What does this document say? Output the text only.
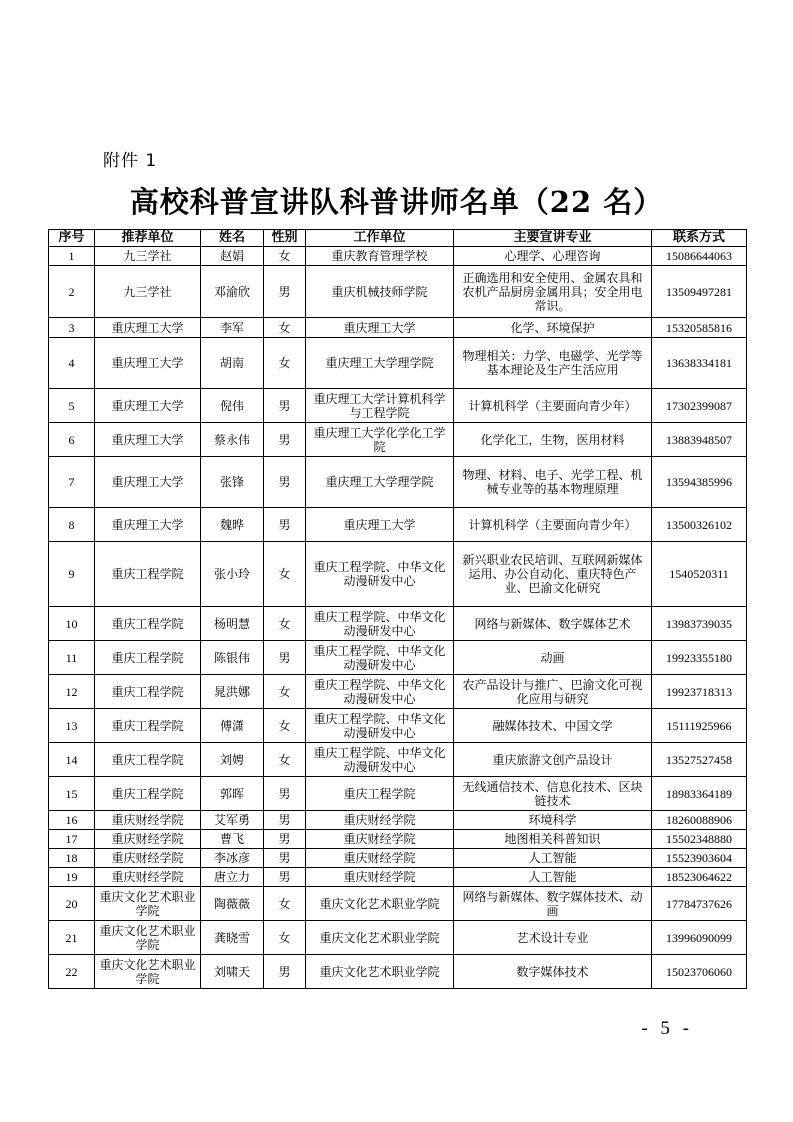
附件 1
高校科普宣讲队科普讲师名单（22 名）
序号	推荐单位	姓名	性别	工作单位	主要宣讲专业	联系方式
1	九三学社	赵娟	女	重庆教育管理学校	心理学、心理咨询	15086644063
2	九三学社	邓渝欣	男	重庆机械技师学院	正确选用和安全使用、金属农具和农机产品厨房金属用具；安全用电常识。	13509497281
3	重庆理工大学	李军	女	重庆理工大学	化学、环境保护	15320585816
4	重庆理工大学	胡南	女	重庆理工大学理学院	物理相关：力学、电磁学、光学等基本理论及生产生活应用	13638334181
5	重庆理工大学	倪伟	男	重庆理工大学计算机科学与工程学院	计算机科学（主要面向青少年）	17302399087
6	重庆理工大学	蔡永伟	男	重庆理工大学化学化工学院	化学化工，生物，医用材料	13883948507
7	重庆理工大学	张锋	男	重庆理工大学理学院	物理、材料、电子、光学工程、机械专业等的基本物理原理	13594385996
8	重庆理工大学	魏晔	男	重庆理工大学	计算机科学（主要面向青少年）	13500326102
9	重庆工程学院	张小玲	女	重庆工程学院、中华文化动漫研发中心	新兴职业农民培训、互联网新媒体运用、办公自动化、重庆特色产业、巴渝文化研究	1540520311
10	重庆工程学院	杨明慧	女	重庆工程学院、中华文化动漫研发中心	网络与新媒体、数字媒体艺术	13983739035
11	重庆工程学院	陈银伟	男	重庆工程学院、中华文化动漫研发中心	动画	19923355180
12	重庆工程学院	晁洪娜	女	重庆工程学院、中华文化动漫研发中心	农产品设计与推广、巴渝文化可视化应用与研究	19923718313
13	重庆工程学院	傅潇	女	重庆工程学院、中华文化动漫研发中心	融媒体技术、中国文学	15111925966
14	重庆工程学院	刘娉	女	重庆工程学院、中华文化动漫研发中心	重庆旅游文创产品设计	13527527458
15	重庆工程学院	郭晖	男	重庆工程学院	无线通信技术、信息化技术、区块链技术	18983364189
16	重庆财经学院	艾军勇	男	重庆财经学院	环境科学	18260088906
17	重庆财经学院	曹飞	男	重庆财经学院	地图相关科普知识	15502348880
18	重庆财经学院	李冰彦	男	重庆财经学院	人工智能	15523903604
19	重庆财经学院	唐立力	男	重庆财经学院	人工智能	18523064622
20	重庆文化艺术职业学院	陶薇薇	女	重庆文化艺术职业学院	网络与新媒体、数字媒体技术、动画	17784737626
21	重庆文化艺术职业学院	龚晓雪	女	重庆文化艺术职业学院	艺术设计专业	13996090099
22	重庆文化艺术职业学院	刘啸天	男	重庆文化艺术职业学院	数字媒体技术	15023706060
- 5 -
